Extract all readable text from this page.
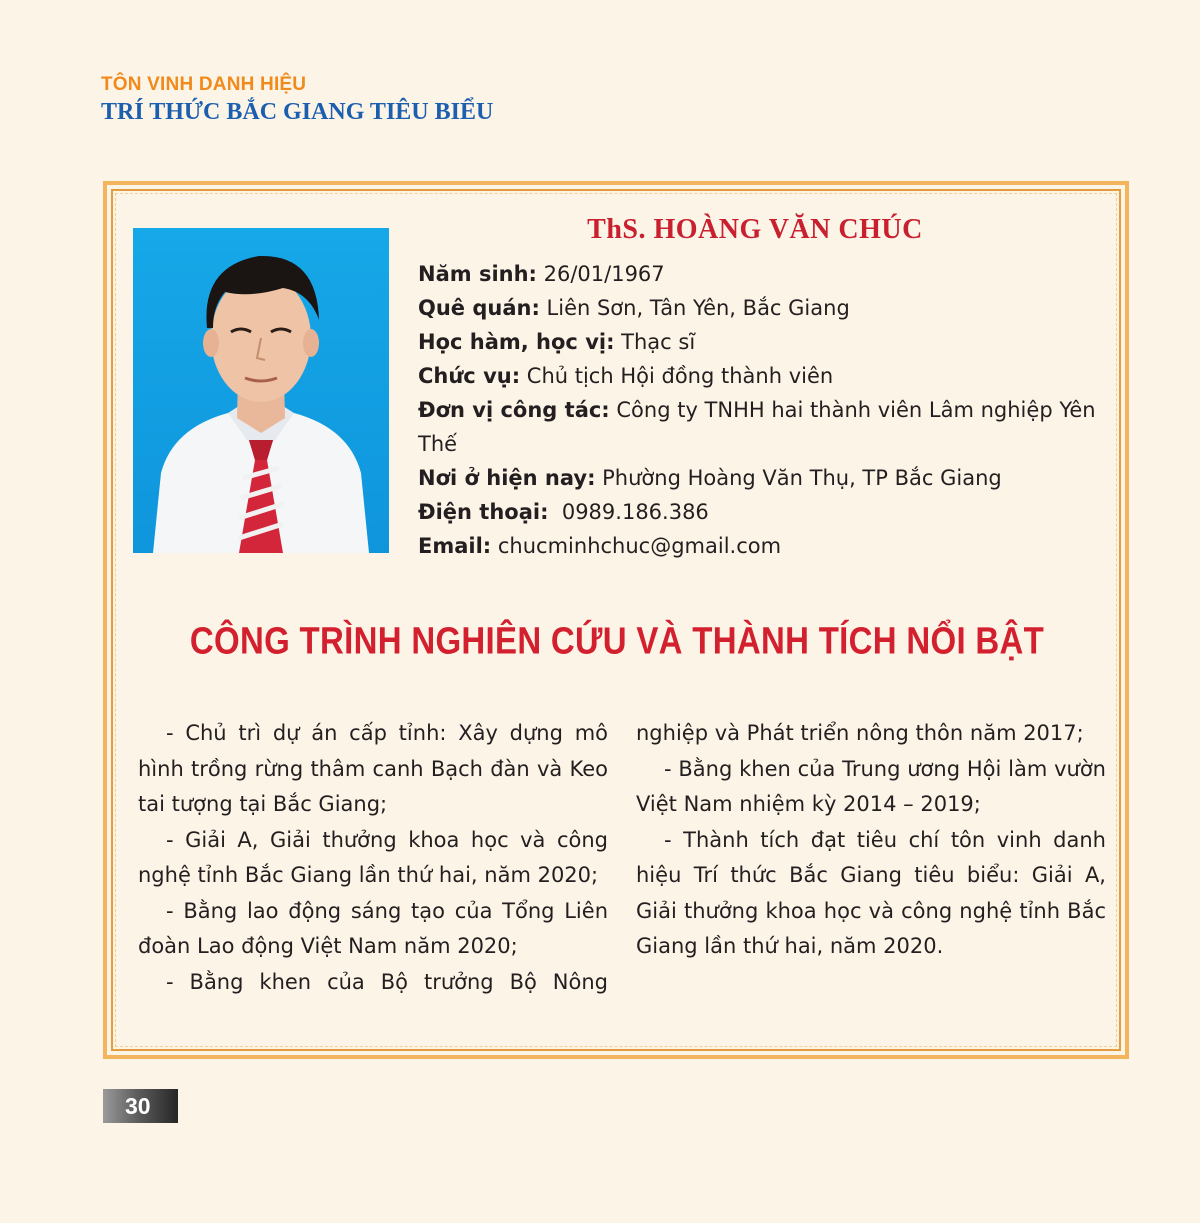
TÔN VINH DANH HIỆU
TRÍ THỨC BẮC GIANG TIÊU BIỂU
ThS. HOÀNG VĂN CHÚC
Năm sinh: 26/01/1967
Quê quán: Liên Sơn, Tân Yên, Bắc Giang
Học hàm, học vị: Thạc sĩ
Chức vụ: Chủ tịch Hội đồng thành viên
Đơn vị công tác: Công ty TNHH hai thành viên Lâm nghiệp Yên Thế
Nơi ở hiện nay: Phường Hoàng Văn Thụ, TP Bắc Giang
Điện thoại:  0989.186.386
Email: chucminhchuc@gmail.com
CÔNG TRÌNH NGHIÊN CỨU VÀ THÀNH TÍCH NỔI BẬT

- Chủ trì dự án cấp tỉnh: Xây dựng mô hình trồng rừng thâm canh Bạch đàn và Keo tai tượng tại Bắc Giang;

- Giải A, Giải thưởng khoa học và công nghệ tỉnh Bắc Giang lần thứ hai, năm 2020;

- Bằng lao động sáng tạo của Tổng Liên đoàn Lao động Việt Nam năm 2020;

- Bằng khen của Bộ trưởng Bộ Nông

nghiệp và Phát triển nông thôn năm 2017;

- Bằng khen của Trung ương Hội làm vườn Việt Nam nhiệm kỳ 2014 – 2019;

- Thành tích đạt tiêu chí tôn vinh danh hiệu Trí thức Bắc Giang tiêu biểu: Giải A, Giải thưởng khoa học và công nghệ tỉnh Bắc Giang lần thứ hai, năm 2020.

30
